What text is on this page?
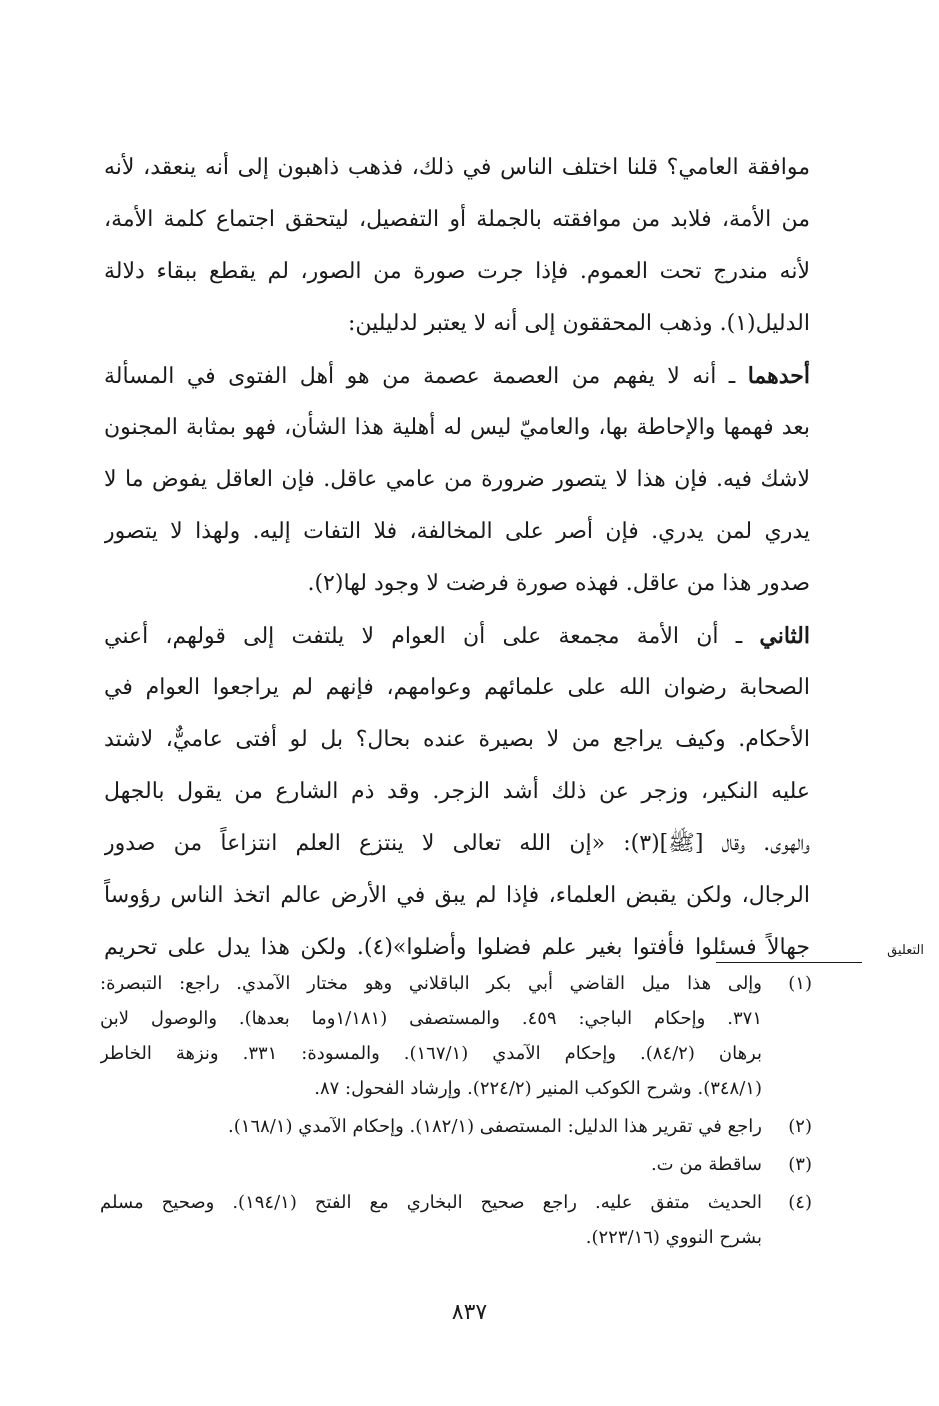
موافقة العامي؟ قلنا اختلف الناس في ذلك، فذهب ذاهبون إلى أنه ينعقد، لأنه
من الأمة، فلابد من موافقته بالجملة أو التفصيل، ليتحقق اجتماع كلمة الأمة،
لأنه مندرج تحت العموم. فإذا جرت صورة من الصور، لم يقطع ببقاء دلالة
الدليل(١). وذهب المحققون إلى أنه لا يعتبر لدليلين:

أحدهما ـ أنه لا يفهم من العصمة عصمة من هو أهل الفتوى في المسألة
بعد فهمها والإحاطة بها، والعاميّ ليس له أهلية هذا الشأن، فهو بمثابة المجنون
لاشك فيه. فإن هذا لا يتصور ضرورة من عامي عاقل. فإن العاقل يفوض ما لا
يدري لمن يدري. فإن أصر على المخالفة، فلا التفات إليه. ولهذا لا يتصور
صدور هذا من عاقل. فهذه صورة فرضت لا وجود لها(٢).

الثاني ـ أن الأمة مجمعة على أن العوام لا يلتفت إلى قولهم، أعني
الصحابة رضوان الله على علمائهم وعوامهم، فإنهم لم يراجعوا العوام في
الأحكام. وكيف يراجع من لا بصيرة عنده بحال؟ بل لو أفتى عاميٌّ، لاشتد
عليه النكير، وزجر عن ذلك أشد الزجر. وقد ذم الشارع من يقول بالجهل
والهوى. وقال [ﷺ](٣): «إن الله تعالى لا ينتزع العلم انتزاعاً من صدور
الرجال، ولكن يقبض العلماء، فإذا لم يبق في الأرض عالم اتخذ الناس رؤوساً
جهالاً فسئلوا فأفتوا بغير علم فضلوا وأضلوا»(٤). ولكن هذا يدل على تحريم	التعليق
(١)
وإلى هذا ميل القاضي أبي بكر الباقلاني وهو مختار الآمدي. راجع: التبصرة:
٣٧١. وإحكام الباجي: ٤٥٩. والمستصفى (١/١٨١وما بعدها). والوصول لابن
برهان (٨٤/٢). وإحكام الآمدي (١٦٧/١). والمسودة: ٣٣١. ونزهة الخاطر
(٣٤٨/١). وشرح الكوكب المنير (٢٢٤/٢). وإرشاد الفحول: ٨٧.
(٢)
راجع في تقرير هذا الدليل: المستصفى (١٨٢/١). وإحكام الآمدي (١٦٨/١).
(٣)
ساقطة من ت.
(٤)
الحديث متفق عليه. راجع صحيح البخاري مع الفتح (١٩٤/١). وصحيح مسلم
بشرح النووي (٢٢٣/١٦).
٨٣٧
